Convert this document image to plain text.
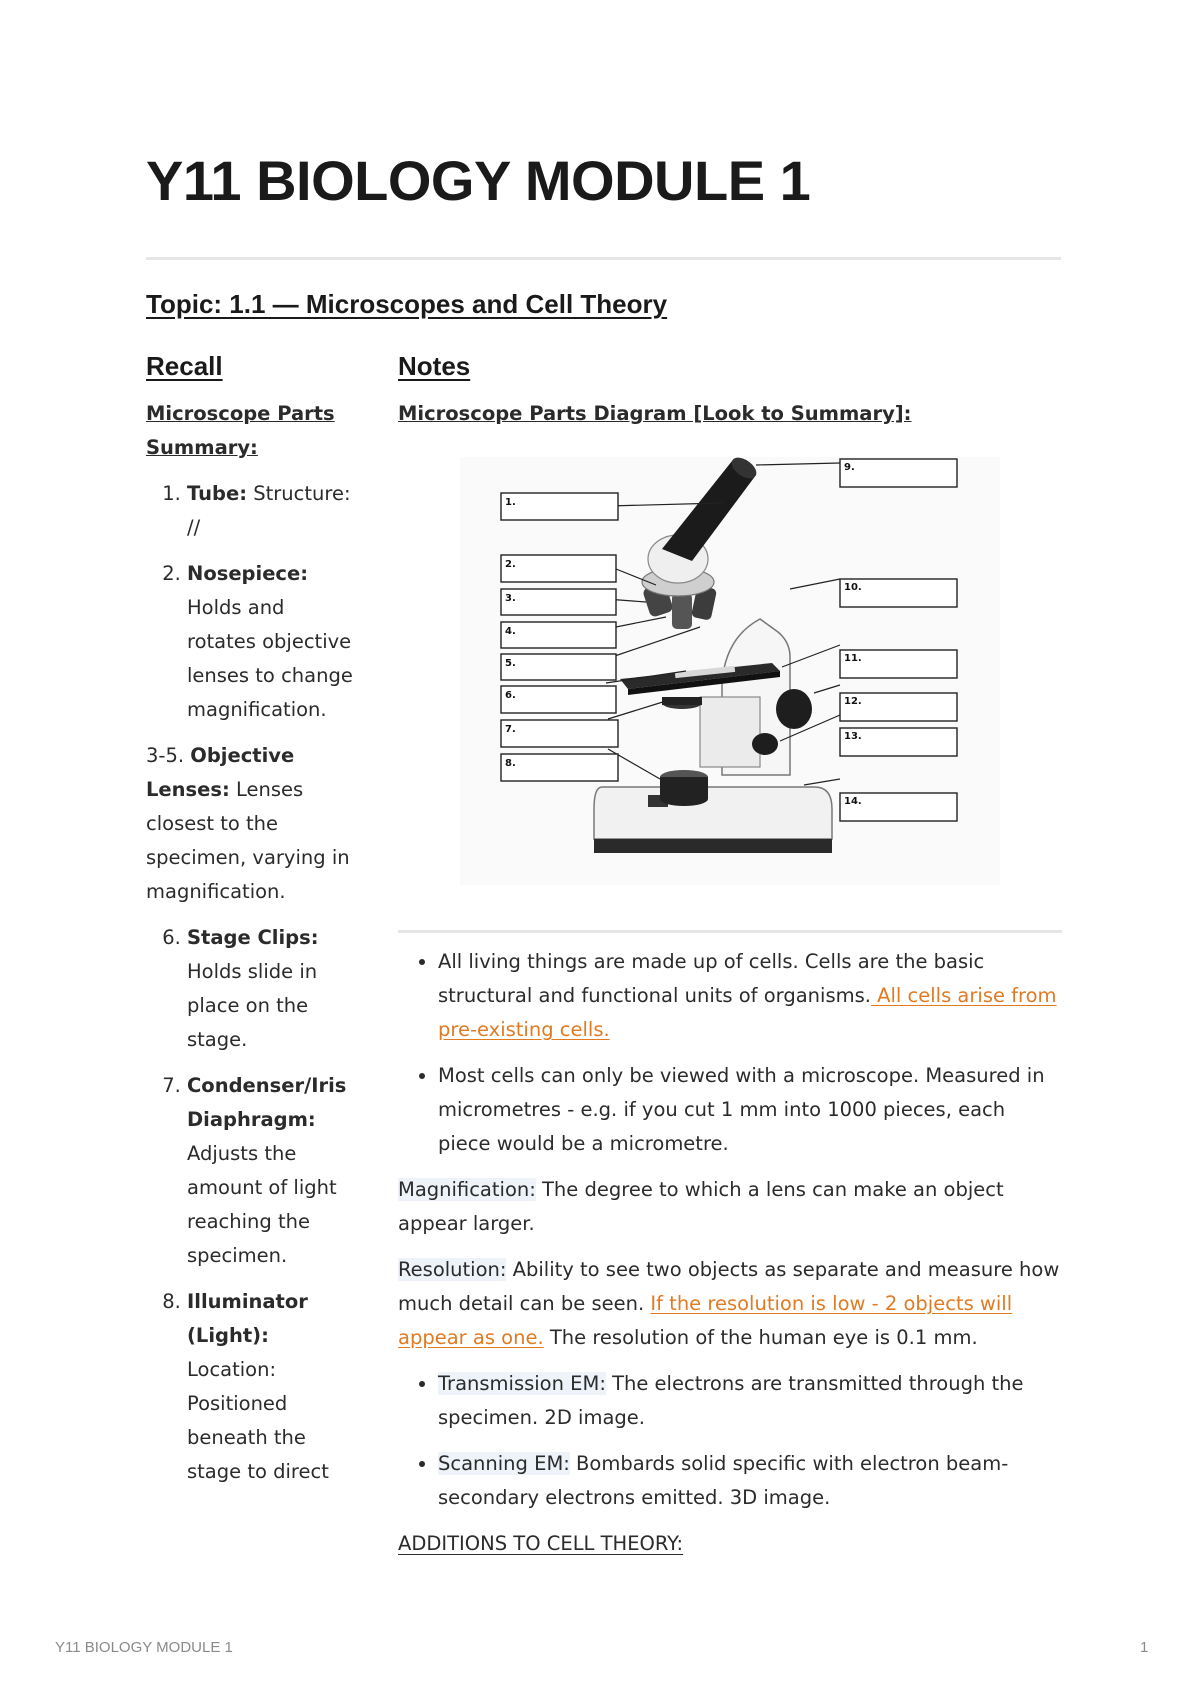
Y11 BIOLOGY MODULE 1
Topic: 1.1 — Microscopes and Cell Theory
Recall	Notes
Microscope Parts Summary:
1. Tube: Structure: //
2. Nosepiece: Holds and rotates objective lenses to change magnification.

3-5. Objective Lenses: Lenses closest to the specimen, varying in magnification.

6. Stage Clips: Holds slide in place on the stage.
7. Condenser/Iris Diaphragm: Adjusts the amount of light reaching the specimen.
8. Illuminator (Light): Location: Positioned beneath the stage to direct
Microscope Parts Diagram [Look to Summary]:
1.
2.
3.
4.
5.
6.
7.
8.
9.
10.
11.
12.
13.
14.
• All living things are made up of cells. Cells are the basic structural and functional units of organisms. All cells arise from pre-existing cells.
• Most cells can only be viewed with a microscope. Measured in micrometres - e.g. if you cut 1 mm into 1000 pieces, each piece would be a micrometre.

Magnification: The degree to which a lens can make an object appear larger.

Resolution: Ability to see two objects as separate and measure how much detail can be seen. If the resolution is low - 2 objects will appear as one. The resolution of the human eye is 0.1 mm.

• Transmission EM: The electrons are transmitted through the specimen. 2D image.
• Scanning EM: Bombards solid specific with electron beam- secondary electrons emitted. 3D image.

ADDITIONS TO CELL THEORY:

Y11 BIOLOGY MODULE 1	1
